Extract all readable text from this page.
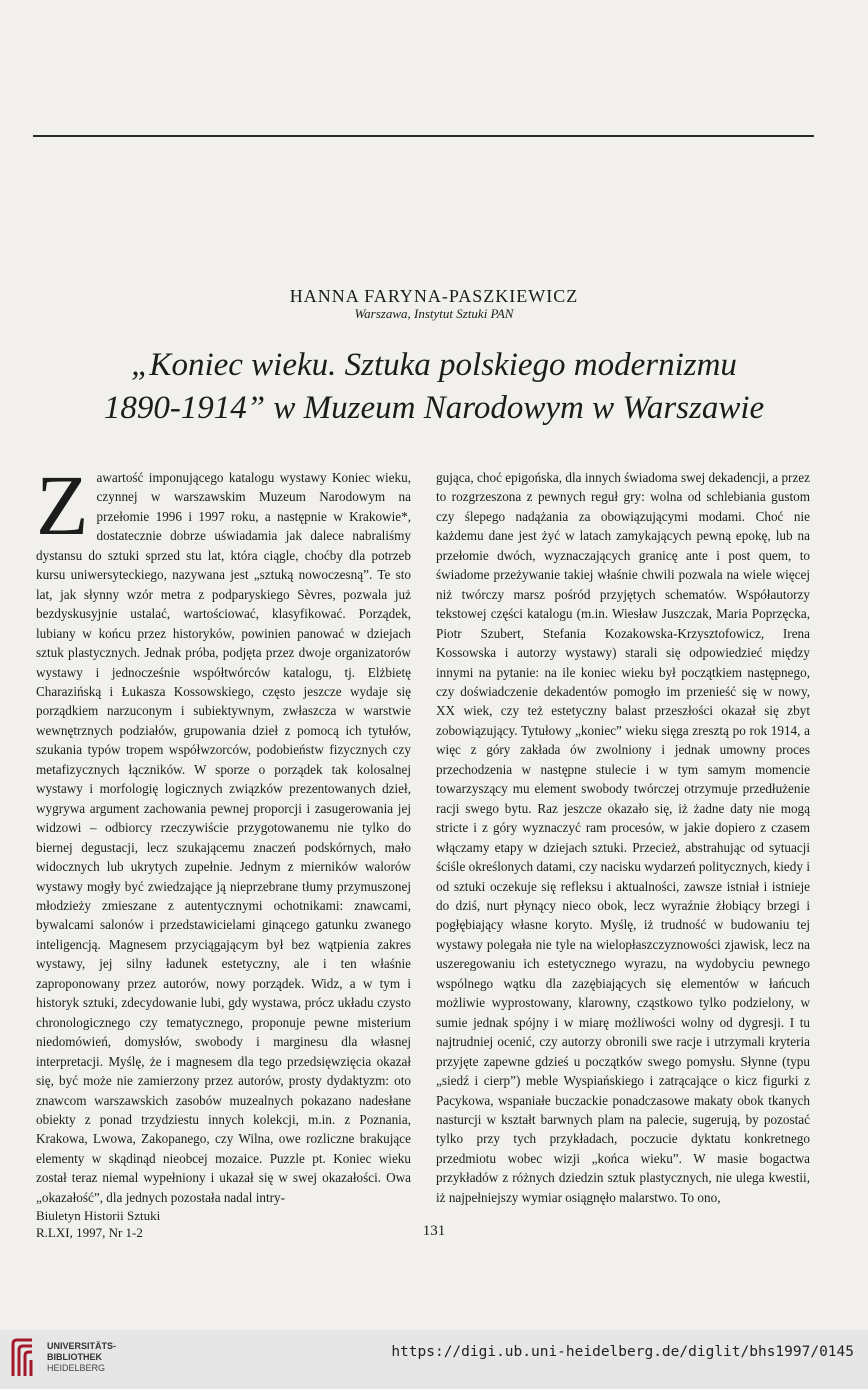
HANNA FARYNA-PASZKIEWICZ
Warszawa, Instytut Sztuki PAN
„Koniec wieku. Sztuka polskiego modernizmu
1890-1914” w Muzeum Narodowym w Warszawie
Z awartość imponującego katalogu wystawy Koniec wieku, czynnej w warszawskim Muzeum Narodowym na przełomie 1996 i 1997 roku, a następnie w Krakowie*, dostatecznie dobrze uświadamia jak dalece nabraliśmy dystansu do sztuki sprzed stu lat, która ciągle, choćby dla potrzeb kursu uniwersyteckiego, nazywana jest „sztuką nowoczesną”. Te sto lat, jak słynny wzór metra z podparyskiego Sèvres, pozwala już bezdyskusyjnie ustalać, wartościować, klasyfikować. Porządek, lubiany w końcu przez historyków, powinien panować w dziejach sztuk plastycznych. Jednak próba, podjęta przez dwoje organizatorów wystawy i jednocześnie współtwórców katalogu, tj. Elżbietę Charazińską i Łukasza Kossowskiego, często jeszcze wydaje się porządkiem narzuconym i subiektywnym, zwłaszcza w warstwie wewnętrznych podziałów, grupowania dzieł z pomocą ich tytułów, szukania typów tropem współwzorców, podobieństw fizycznych czy metafizycznych łączników. W sporze o porządek tak kolosalnej wystawy i morfologię logicznych związków prezentowanych dzieł, wygrywa argument zachowania pewnej proporcji i zasugerowania jej widzowi – odbiorcy rzeczywiście przygotowanemu nie tylko do biernej degustacji, lecz szukającemu znaczeń podskórnych, mało widocznych lub ukrytych zupełnie. Jednym z mierników walorów wystawy mogły być zwiedzające ją nieprzebrane tłumy przymuszonej młodzieży zmieszane z autentycznymi ochotnikami: znawcami, bywalcami salonów i przedstawicielami ginącego gatunku zwanego inteligencją. Magnesem przyciągającym był bez wątpienia zakres wystawy, jej silny ładunek estetyczny, ale i ten właśnie zaproponowany przez autorów, nowy porządek. Widz, a w tym i historyk sztuki, zdecydowanie lubi, gdy wystawa, prócz układu czysto chronologicznego czy tematycznego, proponuje pewne misterium niedomówień, domysłów, swobody i marginesu dla własnej interpretacji. Myślę, że i magnesem dla tego przedsięwzięcia okazał się, być może nie zamierzony przez autorów, prosty dydaktyzm: oto znawcom warszawskich zasobów muzealnych pokazano nadesłane obiekty z ponad trzydziestu innych kolekcji, m.in. z Poznania, Krakowa, Lwowa, Zakopanego, czy Wilna, owe rozliczne brakujące elementy w skądinąd nieobcej mozaice. Puzzle pt. Koniec wieku został teraz niemal wypełniony i ukazał się w swej okazałości. Owa „okazałość”, dla jednych pozostała nadal intry-

gująca, choć epigońska, dla innych świadoma swej dekadencji, a przez to rozgrzeszona z pewnych reguł gry: wolna od schlebiania gustom czy ślepego nadążania za obowiązującymi modami. Choć nie każdemu dane jest żyć w latach zamykających pewną epokę, lub na przełomie dwóch, wyznaczających granicę ante i post quem, to świadome przeżywanie takiej właśnie chwili pozwala na wiele więcej niż twórczy marsz pośród przyjętych schematów. Współautorzy tekstowej części katalogu (m.in. Wiesław Juszczak, Maria Poprzęcka, Piotr Szubert, Stefania Kozakowska-Krzysztofowicz, Irena Kossowska i autorzy wystawy) starali się odpowiedzieć między innymi na pytanie: na ile koniec wieku był początkiem następnego, czy doświadczenie dekadentów pomogło im przenieść się w nowy, XX wiek, czy też estetyczny balast przeszłości okazał się zbyt zobowiązujący. Tytułowy „koniec” wieku sięga zresztą po rok 1914, a więc z góry zakłada ów zwolniony i jednak umowny proces przechodzenia w następne stulecie i w tym samym momencie towarzyszący mu element swobody twórczej otrzymuje przedłużenie racji swego bytu. Raz jeszcze okazało się, iż żadne daty nie mogą stricte i z góry wyznaczyć ram procesów, w jakie dopiero z czasem włączamy etapy w dziejach sztuki. Przecież, abstrahując od sytuacji ściśle określonych datami, czy nacisku wydarzeń politycznych, kiedy i od sztuki oczekuje się refleksu i aktualności, zawsze istniał i istnieje do dziś, nurt płynący nieco obok, lecz wyraźnie żłobiący brzegi i pogłębiający własne koryto. Myślę, iż trudność w budowaniu tej wystawy polegała nie tyle na wielopłaszczyznowości zjawisk, lecz na uszeregowaniu ich estetycznego wyrazu, na wydobyciu pewnego wspólnego wątku dla zazębiających się elementów w łańcuch możliwie wyprostowany, klarowny, cząstkowo tylko podzielony, w sumie jednak spójny i w miarę możliwości wolny od dygresji. I tu najtrudniej ocenić, czy autorzy obronili swe racje i utrzymali kryteria przyjęte zapewne gdzieś u początków swego pomysłu. Słynne (typu „siedź i cierp”) meble Wyspiańskiego i zatrącające o kicz figurki z Pacykowa, wspaniałe buczackie ponadczasowe makaty obok tkanych nasturcji w kształt barwnych plam na palecie, sugerują, by pozostać tylko przy tych przykładach, poczucie dyktatu konkretnego przedmiotu wobec wizji „końca wieku”. W masie bogactwa przykładów z różnych dziedzin sztuk plastycznych, nie ulega kwestii, iż najpełniejszy wymiar osiągnęło malarstwo. To ono,

Biuletyn Historii Sztuki
R.LXI, 1997, Nr 1-2	131
UNIVERSITÄTS-
BIBLIOTHEK
HEIDELBERG
https://digi.ub.uni-heidelberg.de/diglit/bhs1997/0145
